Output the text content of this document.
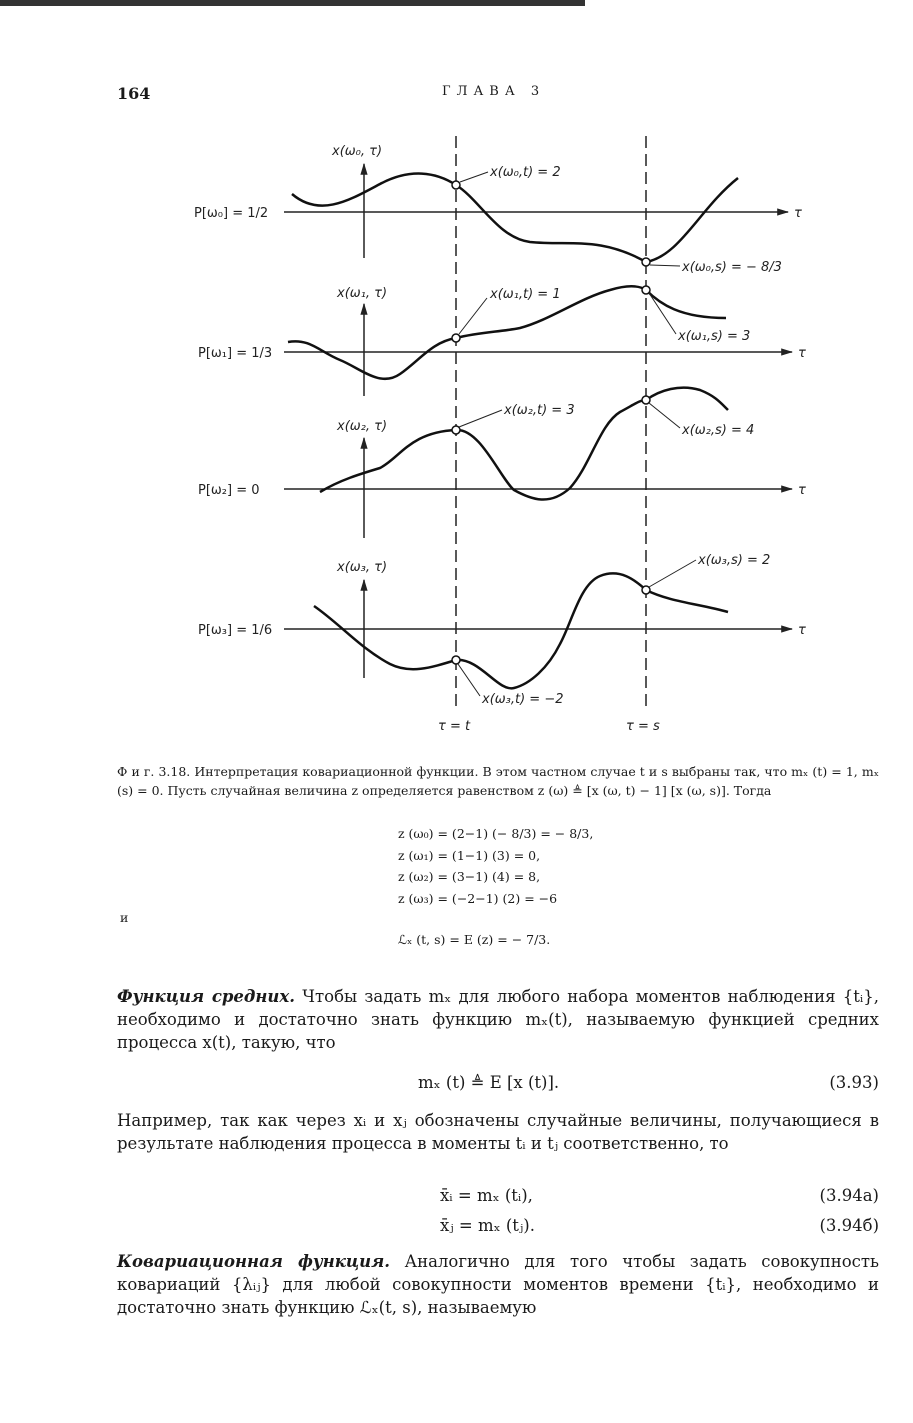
164	ГЛАВА 3
x(ω₀, τ)
τ
P[ω₀] = 1/2
x(ω₀,t) = 2
x(ω₀,s) = − 8/3
x(ω₁, τ)
τ
P[ω₁] = 1/3
x(ω₁,t) = 1
x(ω₁,s) = 3
x(ω₂, τ)
τ
P[ω₂] = 0
x(ω₂,t) = 3
x(ω₂,s) = 4
x(ω₃, τ)
τ
P[ω₃] = 1/6
x(ω₃,t) = −2
x(ω₃,s) = 2
τ = t	τ = s
Ф и г. 3.18. Интерпретация ковариационной функции. В этом частном случае t и s выбраны так, что mₓ (t) = 1, mₓ (s) = 0. Пусть случайная величина z определяется равенством z (ω) ≜ [x (ω, t) − 1] [x (ω, s)]. Тогда
z (ω₀) = (2−1) (− 8/3) = − 8/3,
z (ω₁) = (1−1) (3) = 0,
z (ω₂) = (3−1) (4) = 8,
z (ω₃) = (−2−1) (2) = −6
и
ℒₓ (t, s) = E (z) = − 7/3.
Функция средних. Чтобы задать mₓ для любого набора моментов наблюдения {tᵢ}, необходимо и достаточно знать функцию mₓ(t), называемую функцией средних процесса x(t), такую, что
mₓ (t) ≜ E [x (t)].	(3.93)
Например, так как через xᵢ и xⱼ обозначены случайные величины, получающиеся в результате наблюдения процесса в моменты tᵢ и tⱼ соответственно, то
x̄ᵢ = mₓ (tᵢ),	(3.94а)
x̄ⱼ = mₓ (tⱼ).	(3.94б)
Ковариационная функция. Аналогично для того чтобы задать совокупность ковариаций {λᵢⱼ} для любой совокупности моментов времени {tᵢ}, необходимо и достаточно знать функцию ℒₓ(t, s), называемую
